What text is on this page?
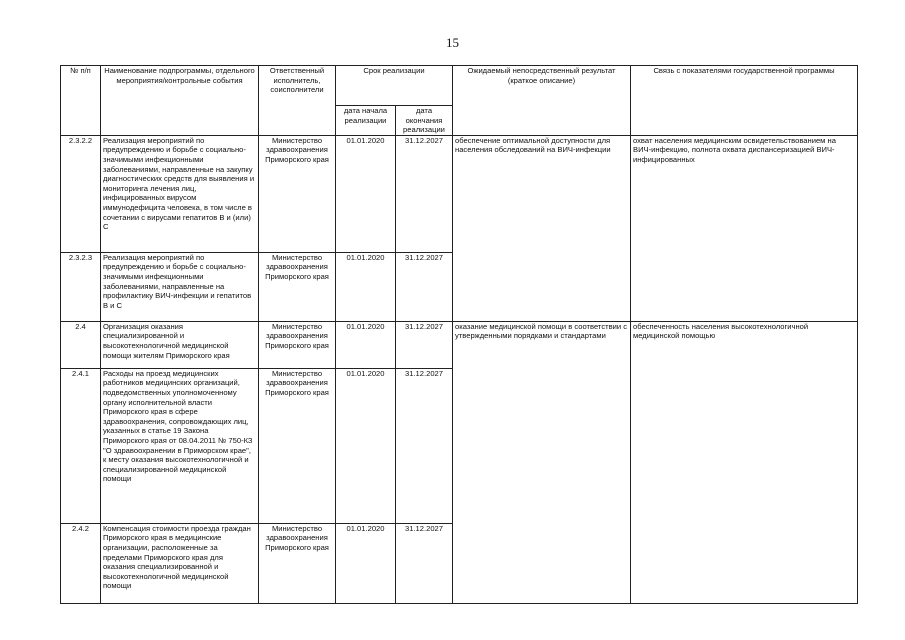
15
№ п/п	Наименование подпрограммы, отдельного мероприятия/контрольные события	Ответственный исполнитель, соисполнители	Срок реализации		Ожидаемый непосредственный результат (краткое описание)	Связь с показателями государственной программы
			дата начала реализации	дата окончания реализации		
2.3.2.2	Реализация мероприятий по предупреждению и борьбе с социально-значимыми инфекционными заболеваниями, направленные на закупку диагностических средств для выявления и мониторинга лечения лиц, инфицированных вирусом иммунодефицита человека, в том числе в сочетании с вирусами гепатитов В и (или) С	Министерство здравоохранения Приморского края	01.01.2020	31.12.2027	обеспечение оптимальной доступности для населения обследований на ВИЧ-инфекции	охват населения медицинским освидетельствованием на ВИЧ-инфекцию, полнота охвата диспансеризацией ВИЧ-инфицированных
2.3.2.3	Реализация мероприятий по предупреждению и борьбе с социально-значимыми инфекционными заболеваниями, направленные на профилактику ВИЧ-инфекции и гепатитов В и С	Министерство здравоохранения Приморского края	01.01.2020	31.12.2027		
2.4	Организация оказания специализированной и высокотехнологичной медицинской помощи жителям Приморского края	Министерство здравоохранения Приморского края	01.01.2020	31.12.2027	оказание медицинской помощи в соответствии с утвержденными порядками и стандартами	обеспеченность населения высокотехнологичной медицинской помощью
2.4.1	Расходы на проезд медицинских работников медицинских организаций, подведомственных уполномоченному органу исполнительной власти Приморского края в сфере здравоохранения, сопровождающих лиц, указанных в статье 19 Закона Приморского края от 08.04.2011 № 750-КЗ "О здравоохранении в Приморском крае", к месту оказания высокотехнологичной и специализированной медицинской помощи	Министерство здравоохранения Приморского края	01.01.2020	31.12.2027		
2.4.2	Компенсация стоимости проезда граждан Приморского края в медицинские организации, расположенные за пределами Приморского края для оказания специализированной и высокотехнологичной медицинской помощи	Министерство здравоохранения Приморского края	01.01.2020	31.12.2027		
